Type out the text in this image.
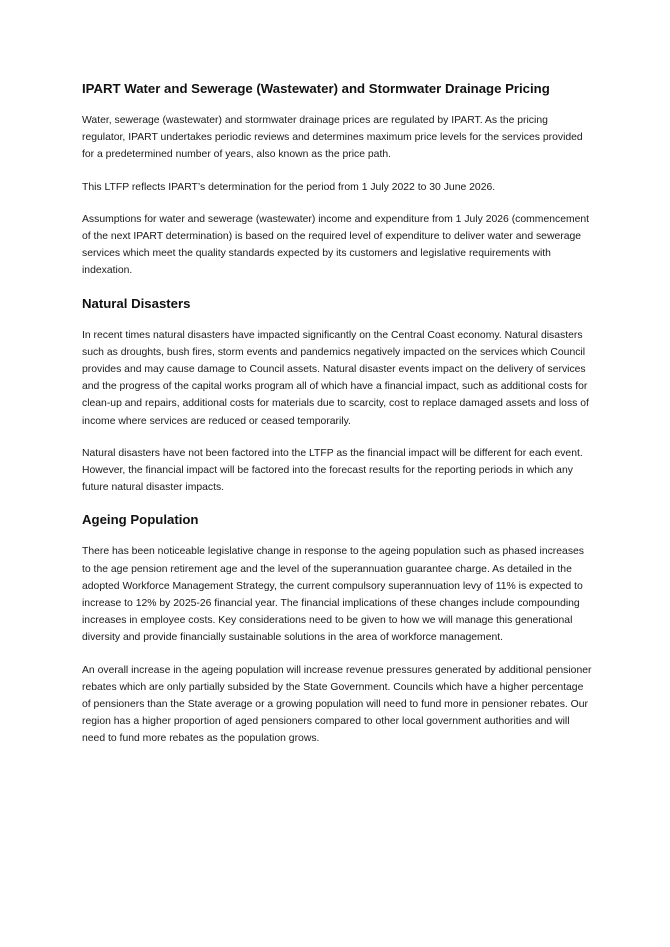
IPART Water and Sewerage (Wastewater) and Stormwater Drainage Pricing

Water, sewerage (wastewater) and stormwater drainage prices are regulated by IPART. As the pricing regulator, IPART undertakes periodic reviews and determines maximum price levels for the services provided for a predetermined number of years, also known as the price path.

This LTFP reflects IPART’s determination for the period from 1 July 2022 to 30 June 2026.

Assumptions for water and sewerage (wastewater) income and expenditure from 1 July 2026 (commencement of the next IPART determination) is based on the required level of expenditure to deliver water and sewerage services which meet the quality standards expected by its customers and legislative requirements with indexation.

Natural Disasters

In recent times natural disasters have impacted significantly on the Central Coast economy. Natural disasters such as droughts, bush fires, storm events and pandemics negatively impacted on the services which Council provides and may cause damage to Council assets. Natural disaster events impact on the delivery of services and the progress of the capital works program all of which have a financial impact, such as additional costs for clean-up and repairs, additional costs for materials due to scarcity, cost to replace damaged assets and loss of income where services are reduced or ceased temporarily.

Natural disasters have not been factored into the LTFP as the financial impact will be different for each event. However, the financial impact will be factored into the forecast results for the reporting periods in which any future natural disaster impacts.

Ageing Population

There has been noticeable legislative change in response to the ageing population such as phased increases to the age pension retirement age and the level of the superannuation guarantee charge. As detailed in the adopted Workforce Management Strategy, the current compulsory superannuation levy of 11% is expected to increase to 12% by 2025-26 financial year. The financial implications of these changes include compounding increases in employee costs. Key considerations need to be given to how we will manage this generational diversity and provide financially sustainable solutions in the area of workforce management.

An overall increase in the ageing population will increase revenue pressures generated by additional pensioner rebates which are only partially subsided by the State Government. Councils which have a higher percentage of pensioners than the State average or a growing population will need to fund more in pensioner rebates. Our region has a higher proportion of aged pensioners compared to other local government authorities and will need to fund more rebates as the population grows.
